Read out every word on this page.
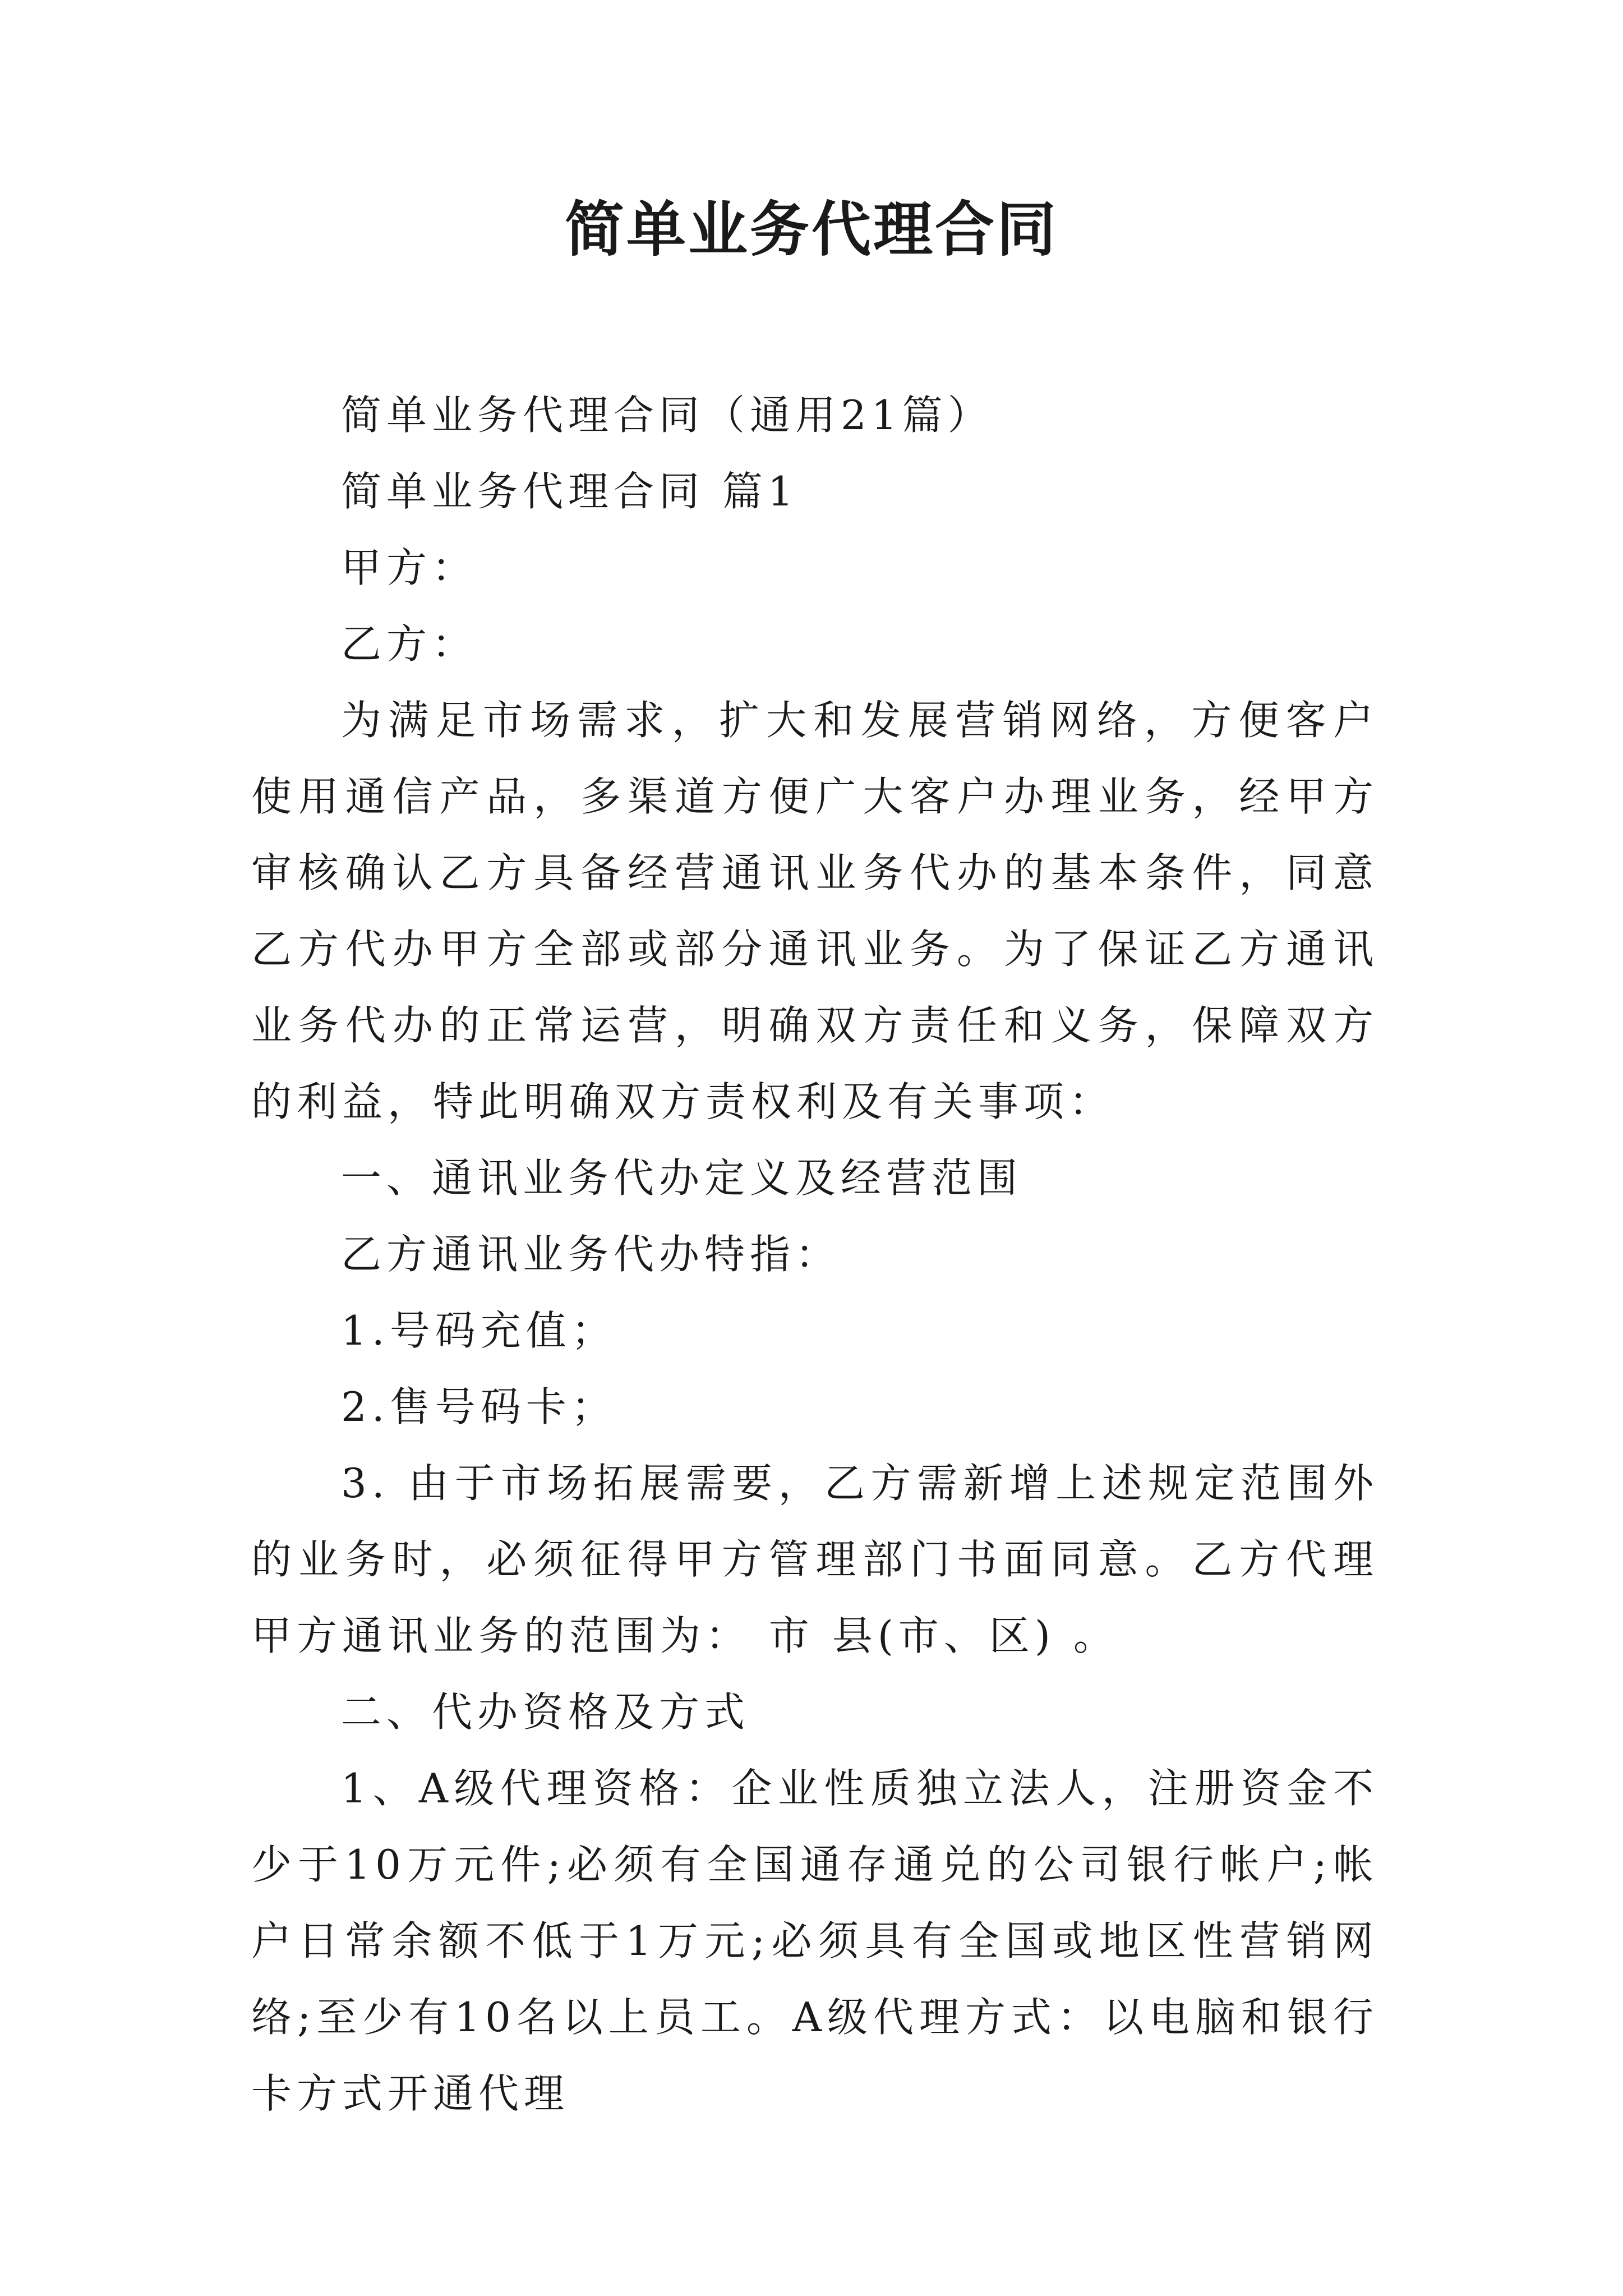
简单业务代理合同

简单业务代理合同（通用21篇）

简单业务代理合同 篇1

甲方：

乙方：

为满足市场需求，扩大和发展营销网络，方便客户使用通信产品，多渠道方便广大客户办理业务，经甲方审核确认乙方具备经营通讯业务代办的基本条件，同意乙方代办甲方全部或部分通讯业务。为了保证乙方通讯业务代办的正常运营，明确双方责任和义务，保障双方的利益，特此明确双方责权利及有关事项：

一、通讯业务代办定义及经营范围

乙方通讯业务代办特指：

1.号码充值；

2.售号码卡；

3. 由于市场拓展需要，乙方需新增上述规定范围外的业务时，必须征得甲方管理部门书面同意。乙方代理甲方通讯业务的范围为： 市 县(市、区) 。

二、代办资格及方式

1、A级代理资格：企业性质独立法人，注册资金不少于10万元件;必须有全国通存通兑的公司银行帐户;帐户日常余额不低于1万元;必须具有全国或地区性营销网络;至少有10名以上员工。A级代理方式：以电脑和银行卡方式开通代理
